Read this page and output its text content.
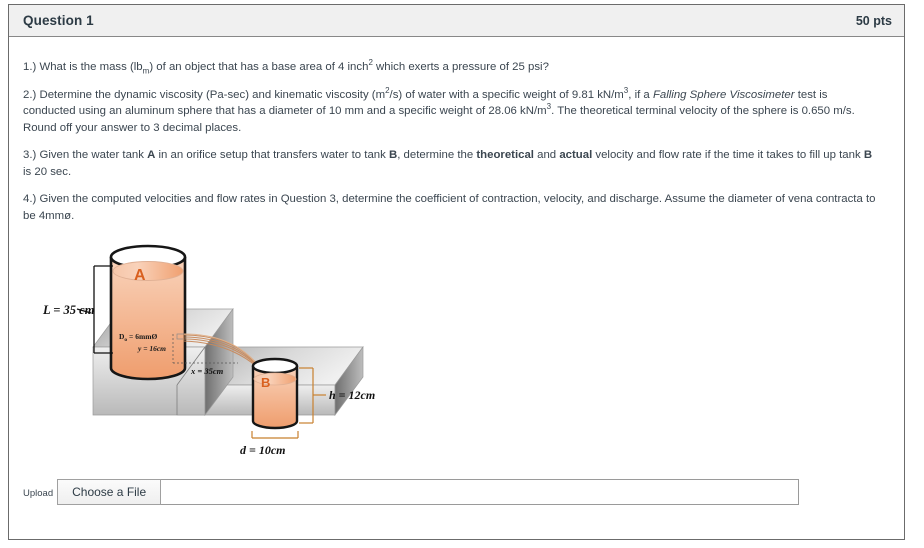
Question 1	50 pts
1.) What is the mass $(lb_m)$ of an object that has a base area of 4 inch$^2$ which exerts a pressure of 25 psi?
2.) Determine the dynamic viscosity (Pa-sec) and kinematic viscosity $(m^2/s)$ of water with a specific weight of 9.81 $kN/m^3$, if a Falling Sphere Viscosimeter test is conducted using an aluminum sphere that has a diameter of 10 mm and a specific weight of 28.06 $kN/m^3$. The theoretical terminal velocity of the sphere is 0.650 m/s. Round off your answer to 3 decimal places.
3.) Given the water tank A in an orifice setup that transfers water to tank B, determine the theoretical and actual velocity and flow rate if the time it takes to fill up tank B is 20 sec.
4.) Given the computed velocities and flow rates in Question 3, determine the coefficient of contraction, velocity, and discharge. Assume the diameter of vena contracta to be 4mmø.
L = 35 cm
$D_o$ = 6mmØ
y = 16cm
x = 35cm
h = 12cm
d = 10cm
A
B
Upload	Choose a File
